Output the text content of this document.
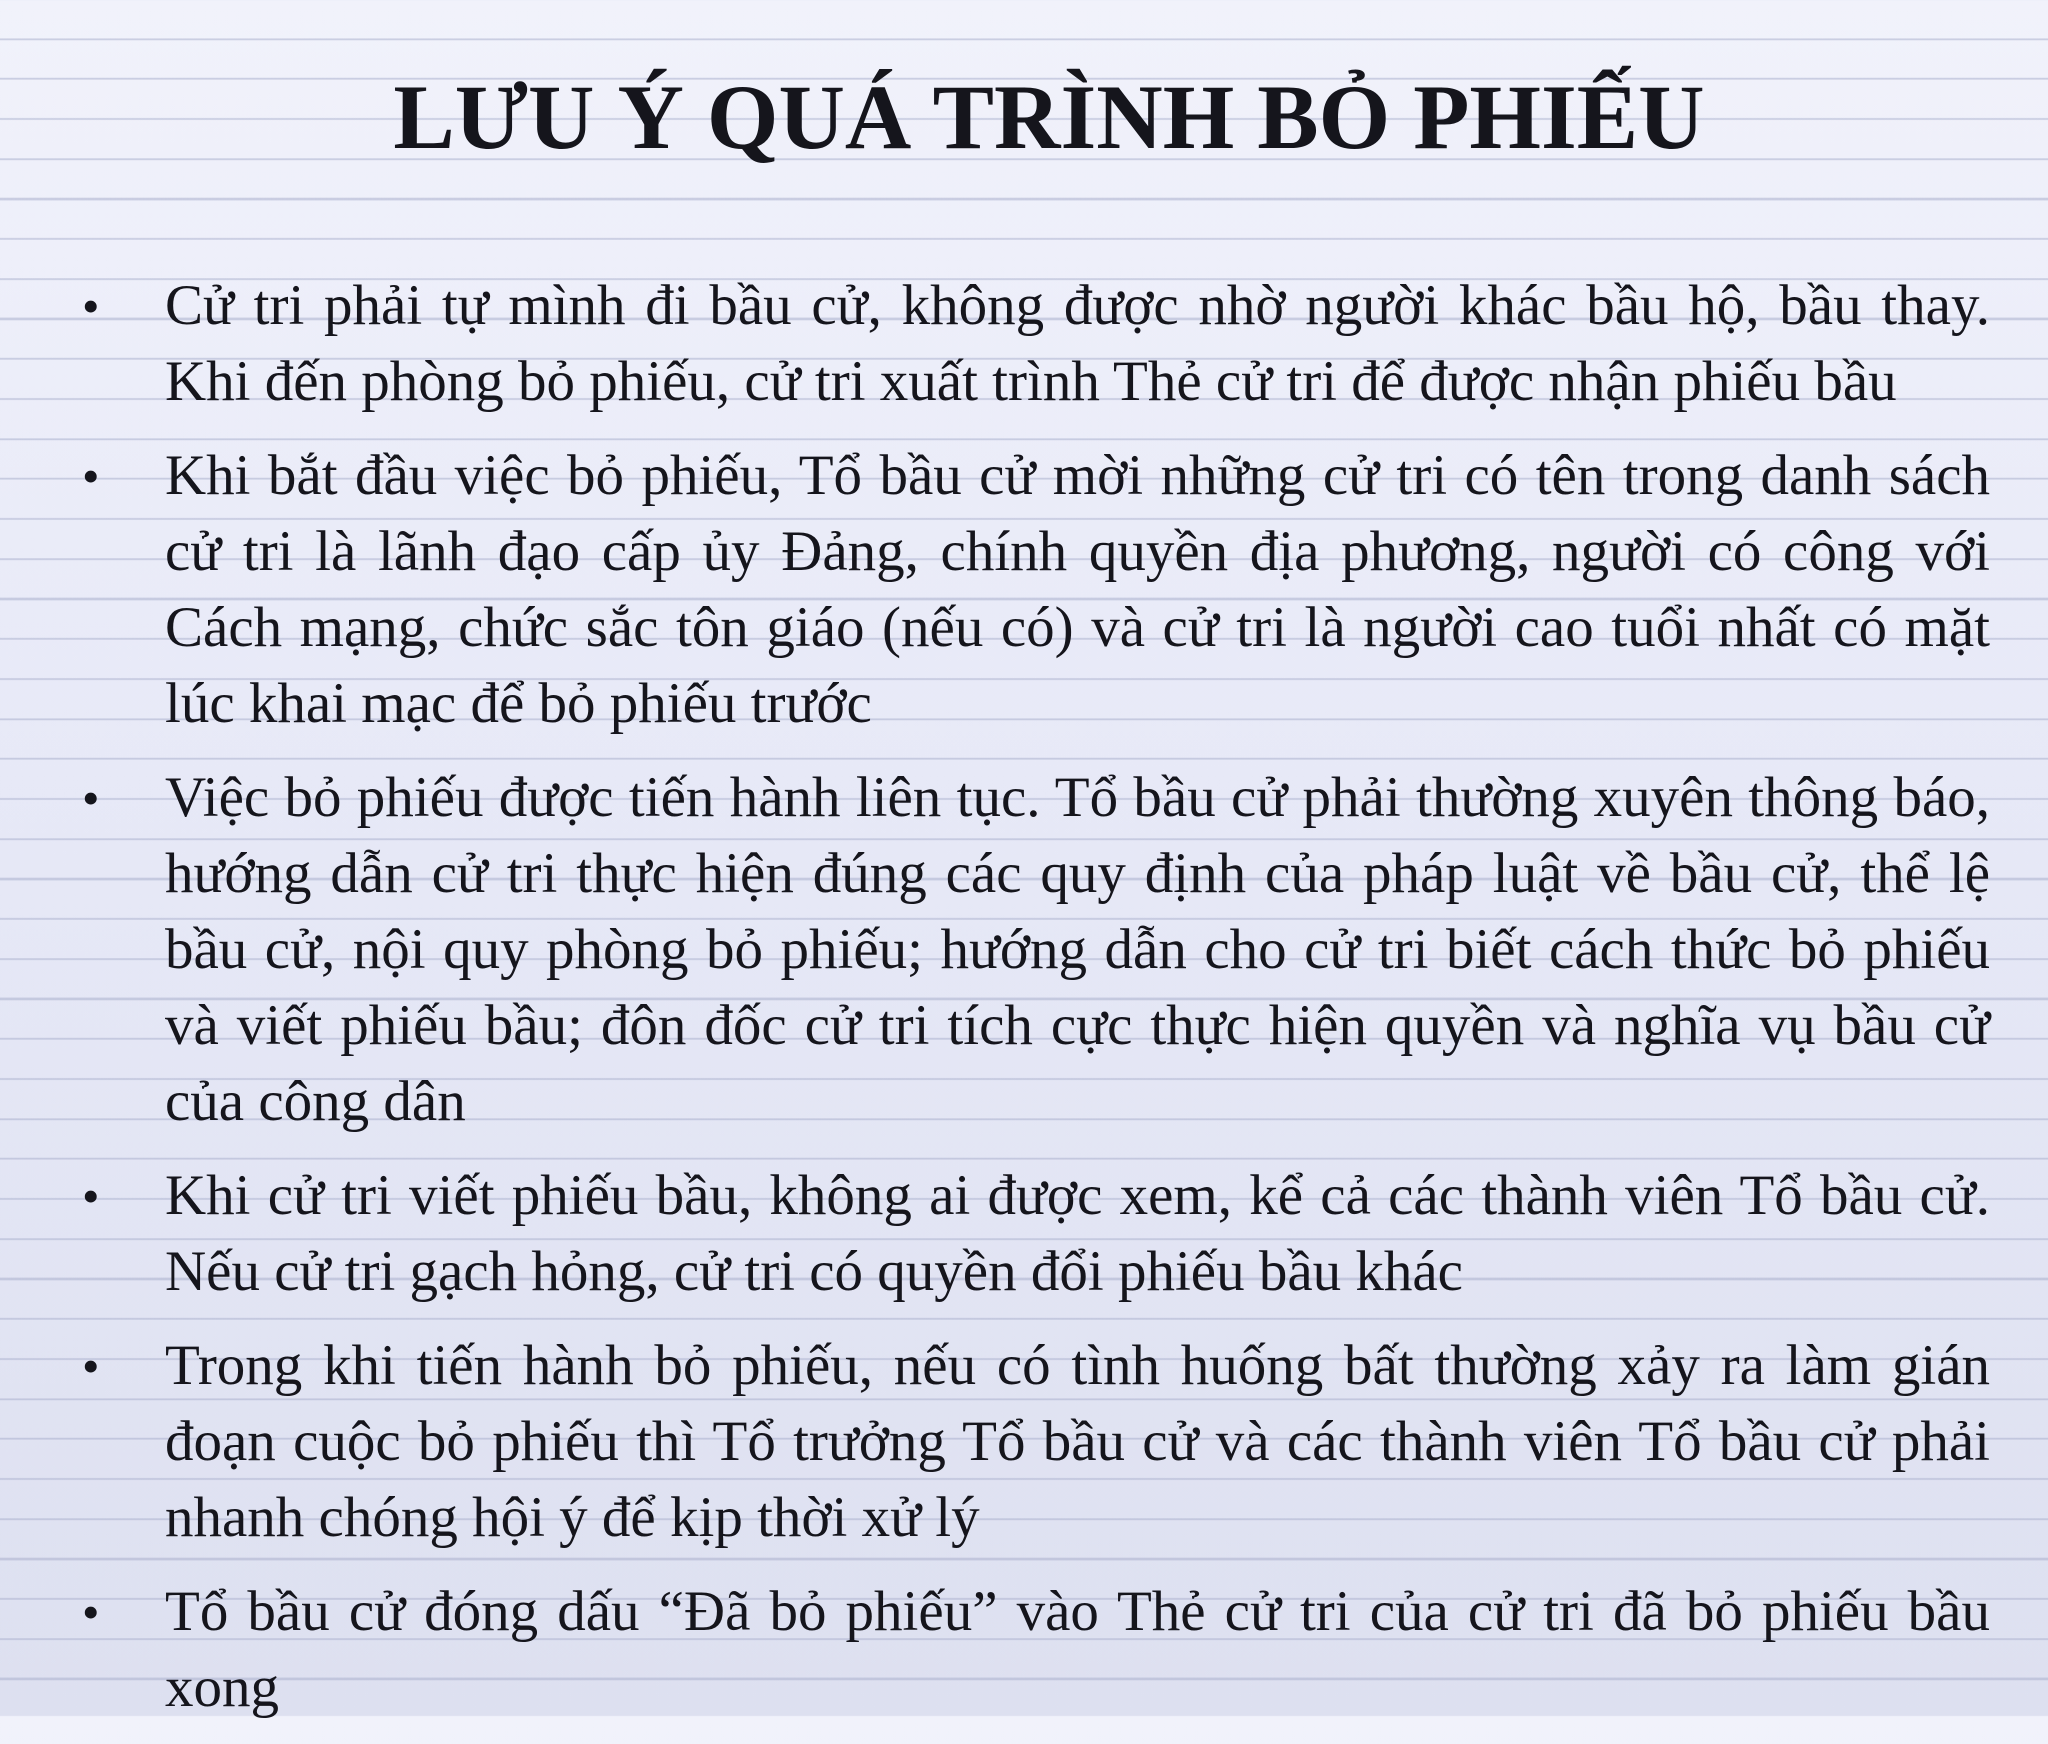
LƯU Ý QUÁ TRÌNH BỎ PHIẾU
• Cử tri phải tự mình đi bầu cử, không được nhờ người khác bầu hộ, bầu thay. Khi đến phòng bỏ phiếu, cử tri xuất trình Thẻ cử tri để được nhận phiếu bầu
• Khi bắt đầu việc bỏ phiếu, Tổ bầu cử mời những cử tri có tên trong danh sách cử tri là lãnh đạo cấp ủy Đảng, chính quyền địa phương, người có công với Cách mạng, chức sắc tôn giáo (nếu có) và cử tri là người cao tuổi nhất có mặt lúc khai mạc để bỏ phiếu trước
• Việc bỏ phiếu được tiến hành liên tục. Tổ bầu cử phải thường xuyên thông báo, hướng dẫn cử tri thực hiện đúng các quy định của pháp luật về bầu cử, thể lệ bầu cử, nội quy phòng bỏ phiếu; hướng dẫn cho cử tri biết cách thức bỏ phiếu và viết phiếu bầu; đôn đốc cử tri tích cực thực hiện quyền và nghĩa vụ bầu cử của công dân
• Khi cử tri viết phiếu bầu, không ai được xem, kể cả các thành viên Tổ bầu cử. Nếu cử tri gạch hỏng, cử tri có quyền đổi phiếu bầu khác
• Trong khi tiến hành bỏ phiếu, nếu có tình huống bất thường xảy ra làm gián đoạn cuộc bỏ phiếu thì Tổ trưởng Tổ bầu cử và các thành viên Tổ bầu cử phải nhanh chóng hội ý để kịp thời xử lý
• Tổ bầu cử đóng dấu “Đã bỏ phiếu” vào Thẻ cử tri của cử tri đã bỏ phiếu bầu xong
